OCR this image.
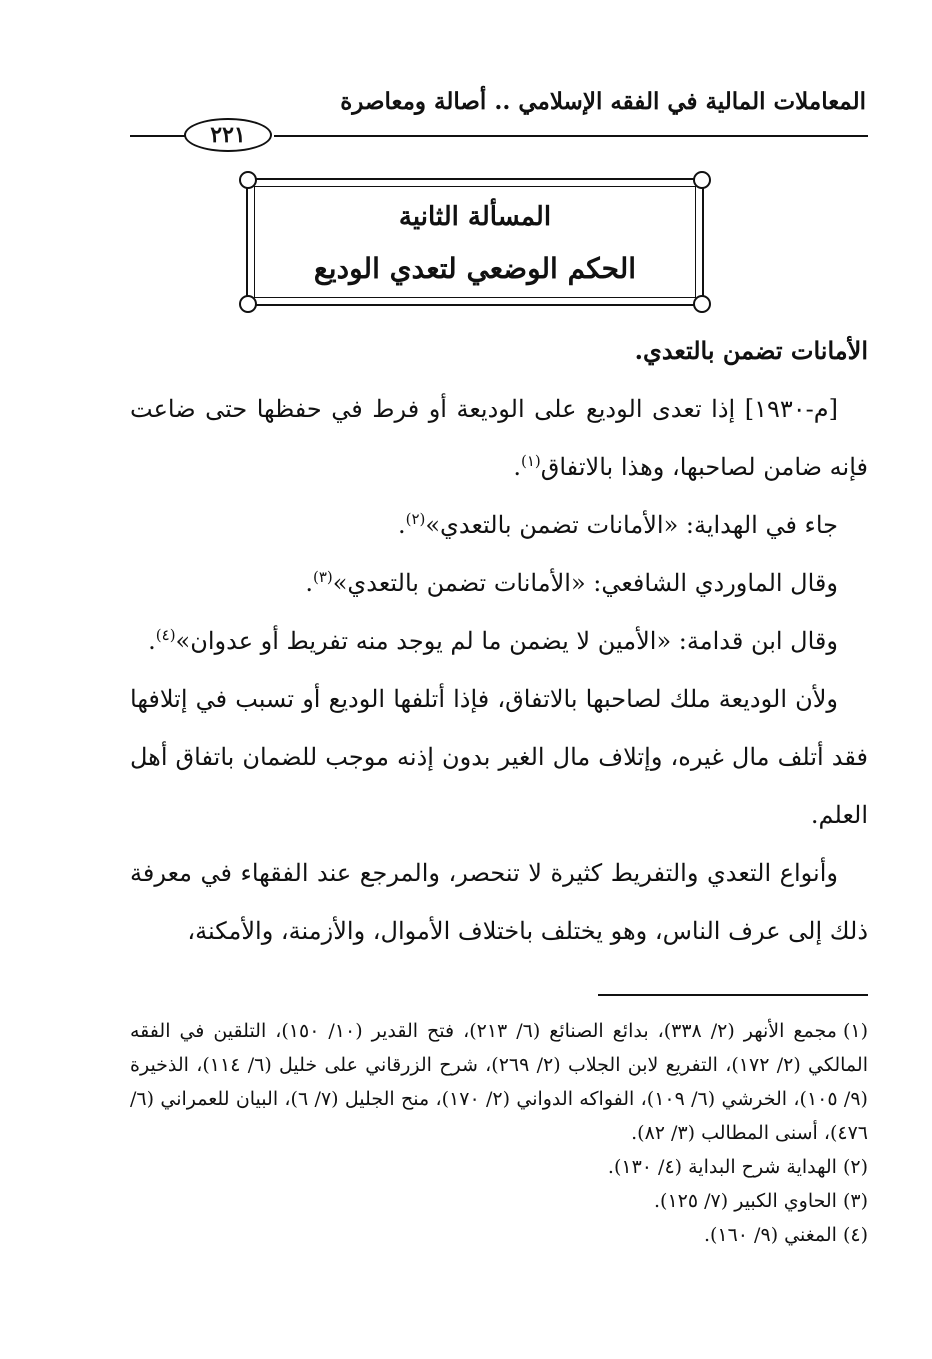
المعاملات المالية في الفقه الإسلامي .. أصالة ومعاصرة
٢٢١
المسألة الثانية
الحكم الوضعي لتعدي الوديع

الأمانات تضمن بالتعدي.

[م-١٩٣٠] إذا تعدى الوديع على الوديعة أو فرط في حفظها حتى ضاعت فإنه ضامن لصاحبها، وهذا بالاتفاق$^{(١)}$.

جاء في الهداية: «الأمانات تضمن بالتعدي»$^{(٢)}$.

وقال الماوردي الشافعي: «الأمانات تضمن بالتعدي»$^{(٣)}$.

وقال ابن قدامة: «الأمين لا يضمن ما لم يوجد منه تفريط أو عدوان»$^{(٤)}$.

ولأن الوديعة ملك لصاحبها بالاتفاق، فإذا أتلفها الوديع أو تسبب في إتلافها فقد أتلف مال غيره، وإتلاف مال الغير بدون إذنه موجب للضمان باتفاق أهل العلم.

وأنواع التعدي والتفريط كثيرة لا تنحصر، والمرجع عند الفقهاء في معرفة ذلك إلى عرف الناس، وهو يختلف باختلاف الأموال، والأزمنة، والأمكنة،

(١)مجمع الأنهر (٢/ ٣٣٨)، بدائع الصنائع (٦/ ٢١٣)، فتح القدير (١٠/ ١٥٠)، التلقين في الفقه المالكي (٢/ ١٧٢)، التفريع لابن الجلاب (٢/ ٢٦٩)، شرح الزرقاني على خليل (٦/ ١١٤)، الذخيرة (٩/ ١٠٥)، الخرشي (٦/ ١٠٩)، الفواكه الدواني (٢/ ١٧٠)، منح الجليل (٧/ ٦)، البيان للعمراني (٦/ ٤٧٦)، أسنى المطالب (٣/ ٨٢).

(٢)الهداية شرح البداية (٤/ ١٣٠).

(٣)الحاوي الكبير (٧/ ١٢٥).

(٤)المغني (٩/ ١٦٠).
